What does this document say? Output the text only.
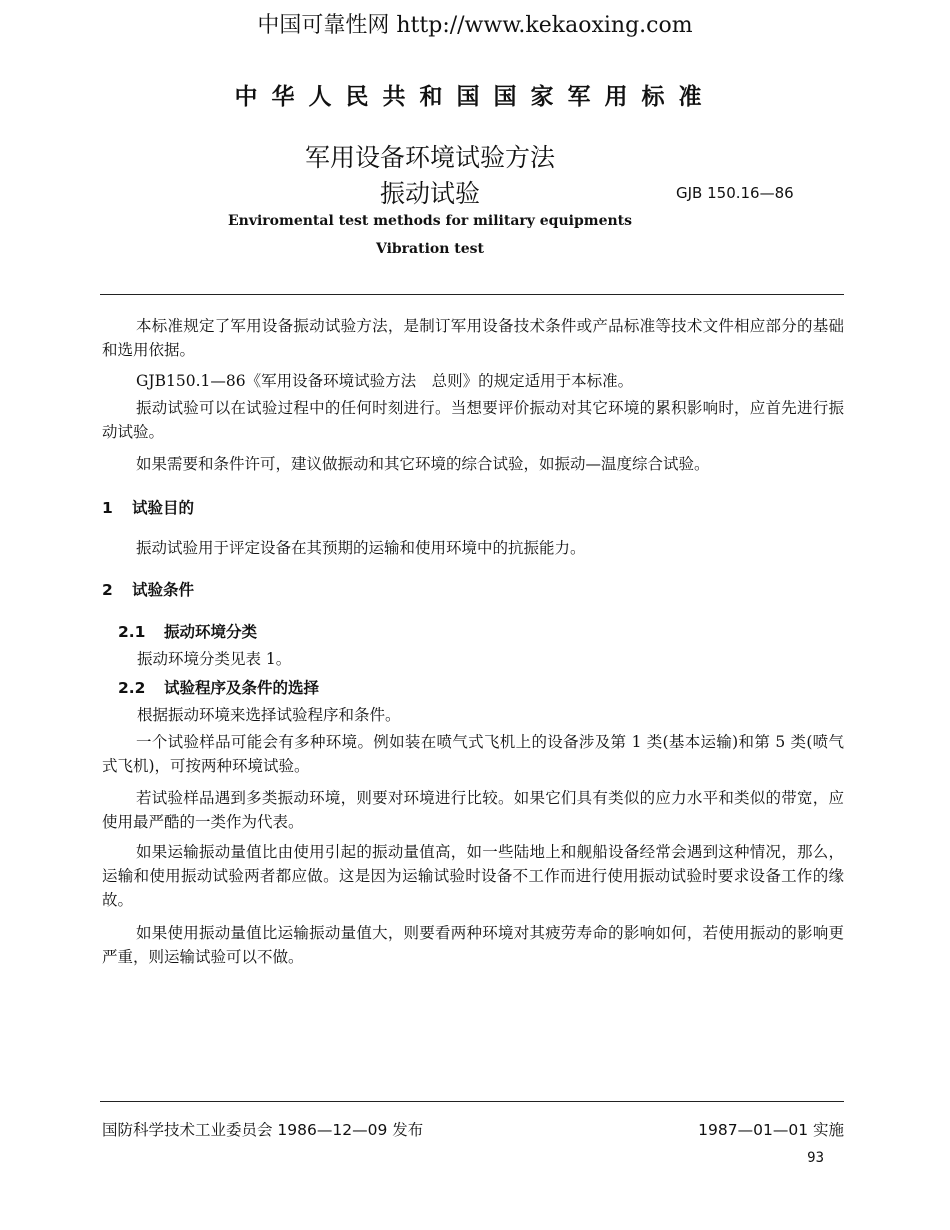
中国可靠性网 http://www.kekaoxing.com
中华人民共和国国家军用标准
军用设备环境试验方法
振动试验	GJB 150.16—86
Enviromental test methods for military equipments
Vibration test
本标准规定了军用设备振动试验方法，是制订军用设备技术条件或产品标准等技术文件相应部分的基础和选用依据。
GJB150.1—86《军用设备环境试验方法　总则》的规定适用于本标准。
振动试验可以在试验过程中的任何时刻进行。当想要评价振动对其它环境的累积影响时，应首先进行振动试验。
如果需要和条件许可，建议做振动和其它环境的综合试验，如振动—温度综合试验。
1 试验目的
振动试验用于评定设备在其预期的运输和使用环境中的抗振能力。
2 试验条件
2.1 振动环境分类
振动环境分类见表 1。
2.2 试验程序及条件的选择
根据振动环境来选择试验程序和条件。
一个试验样品可能会有多种环境。例如装在喷气式飞机上的设备涉及第 1 类(基本运输)和第 5 类(喷气式飞机)，可按两种环境试验。
若试验样品遇到多类振动环境，则要对环境进行比较。如果它们具有类似的应力水平和类似的带宽，应使用最严酷的一类作为代表。
如果运输振动量值比由使用引起的振动量值高，如一些陆地上和舰船设备经常会遇到这种情况，那么，运输和使用振动试验两者都应做。这是因为运输试验时设备不工作而进行使用振动试验时要求设备工作的缘故。
如果使用振动量值比运输振动量值大，则要看两种环境对其疲劳寿命的影响如何，若使用振动的影响更严重，则运输试验可以不做。
国防科学技术工业委员会 1986—12—09 发布	1987—01—01 实施
93
